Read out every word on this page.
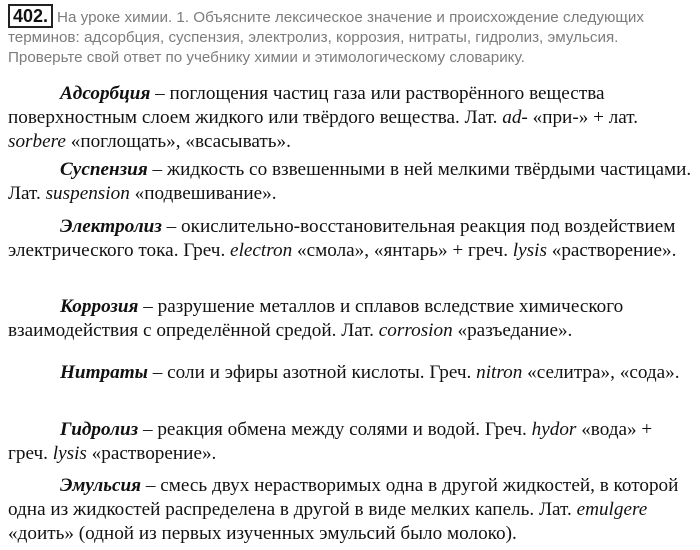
402. На уроке химии. 1. Объясните лексическое значение и происхождение следующих терминов: адсорбция, суспензия, электролиз, коррозия, нитраты, гидролиз, эмульсия. Проверьте свой ответ по учебнику химии и этимологическому словарику.
Адсорбция – поглощения частиц газа или растворённого вещества поверхностным слоем жидкого или твёрдого вещества. Лат. ad- «при-» + лат. sorbere «поглощать», «всасывать».
Суспензия – жидкость со взвешенными в ней мелкими твёрдыми частицами. Лат. suspension «подвешивание».
Электролиз – окислительно-восстановительная реакция под воздействием электрического тока. Греч. electron «смола», «янтарь» + греч. lysis «растворение».
Коррозия – разрушение металлов и сплавов вследствие химического взаимодействия с определённой средой. Лат. corrosion «разъедание».
Нитраты – соли и эфиры азотной кислоты. Греч. nitron «селитра», «сода».
Гидролиз – реакция обмена между солями и водой. Греч. hydor «вода» + греч. lysis «растворение».
Эмульсия – смесь двух нерастворимых одна в другой жидкостей, в которой одна из жидкостей распределена в другой в виде мелких капель. Лат. emulgere «доить» (одной из первых изученных эмульсий было молоко).
